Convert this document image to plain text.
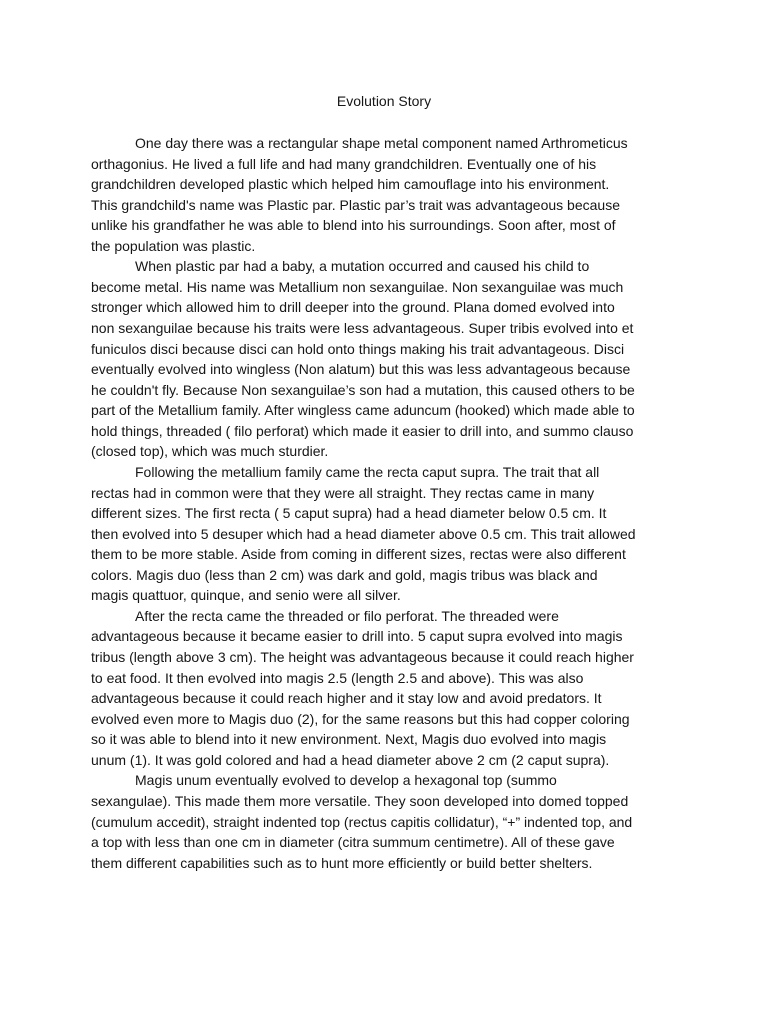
Evolution Story
One day there was a rectangular shape metal component named Arthrometicus
orthagonius. He lived a full life and had many grandchildren. Eventually one of his
grandchildren developed plastic which helped him camouflage into his environment.
This grandchild's name was Plastic par. Plastic par’s trait was advantageous because
unlike his grandfather he was able to blend into his surroundings. Soon after, most of
the population was plastic.
When plastic par had a baby, a mutation occurred and caused his child to
become metal. His name was Metallium non sexanguilae. Non sexanguilae was much
stronger which allowed him to drill deeper into the ground. Plana domed evolved into
non sexanguilae because his traits were less advantageous. Super tribis evolved into et
funiculos disci because disci can hold onto things making his trait advantageous. Disci
eventually evolved into wingless (Non alatum) but this was less advantageous because
he couldn't fly. Because Non sexanguilae’s son had a mutation, this caused others to be
part of the Metallium family. After wingless came aduncum (hooked) which made able to
hold things, threaded ( filo perforat) which made it easier to drill into, and summo clauso
(closed top), which was much sturdier.
Following the metallium family came the recta caput supra. The trait that all
rectas had in common were that they were all straight. They rectas came in many
different sizes. The first recta ( 5 caput supra) had a head diameter below 0.5 cm. It
then evolved into 5 desuper which had a head diameter above 0.5 cm. This trait allowed
them to be more stable. Aside from coming in different sizes, rectas were also different
colors. Magis duo (less than 2 cm) was dark and gold, magis tribus was black and
magis quattuor, quinque, and senio were all silver.
After the recta came the threaded or filo perforat. The threaded were
advantageous because it became easier to drill into. 5 caput supra evolved into magis
tribus (length above 3 cm). The height was advantageous because it could reach higher
to eat food. It then evolved into magis 2.5 (length 2.5 and above). This was also
advantageous because it could reach higher and it stay low and avoid predators. It
evolved even more to Magis duo (2), for the same reasons but this had copper coloring
so it was able to blend into it new environment. Next, Magis duo evolved into magis
unum (1). It was gold colored and had a head diameter above 2 cm (2 caput supra).
Magis unum eventually evolved to develop a hexagonal top (summo
sexangulae). This made them more versatile. They soon developed into domed topped
(cumulum accedit), straight indented top (rectus capitis collidatur), “+” indented top, and
a top with less than one cm in diameter (citra summum centimetre). All of these gave
them different capabilities such as to hunt more efficiently or build better shelters.
